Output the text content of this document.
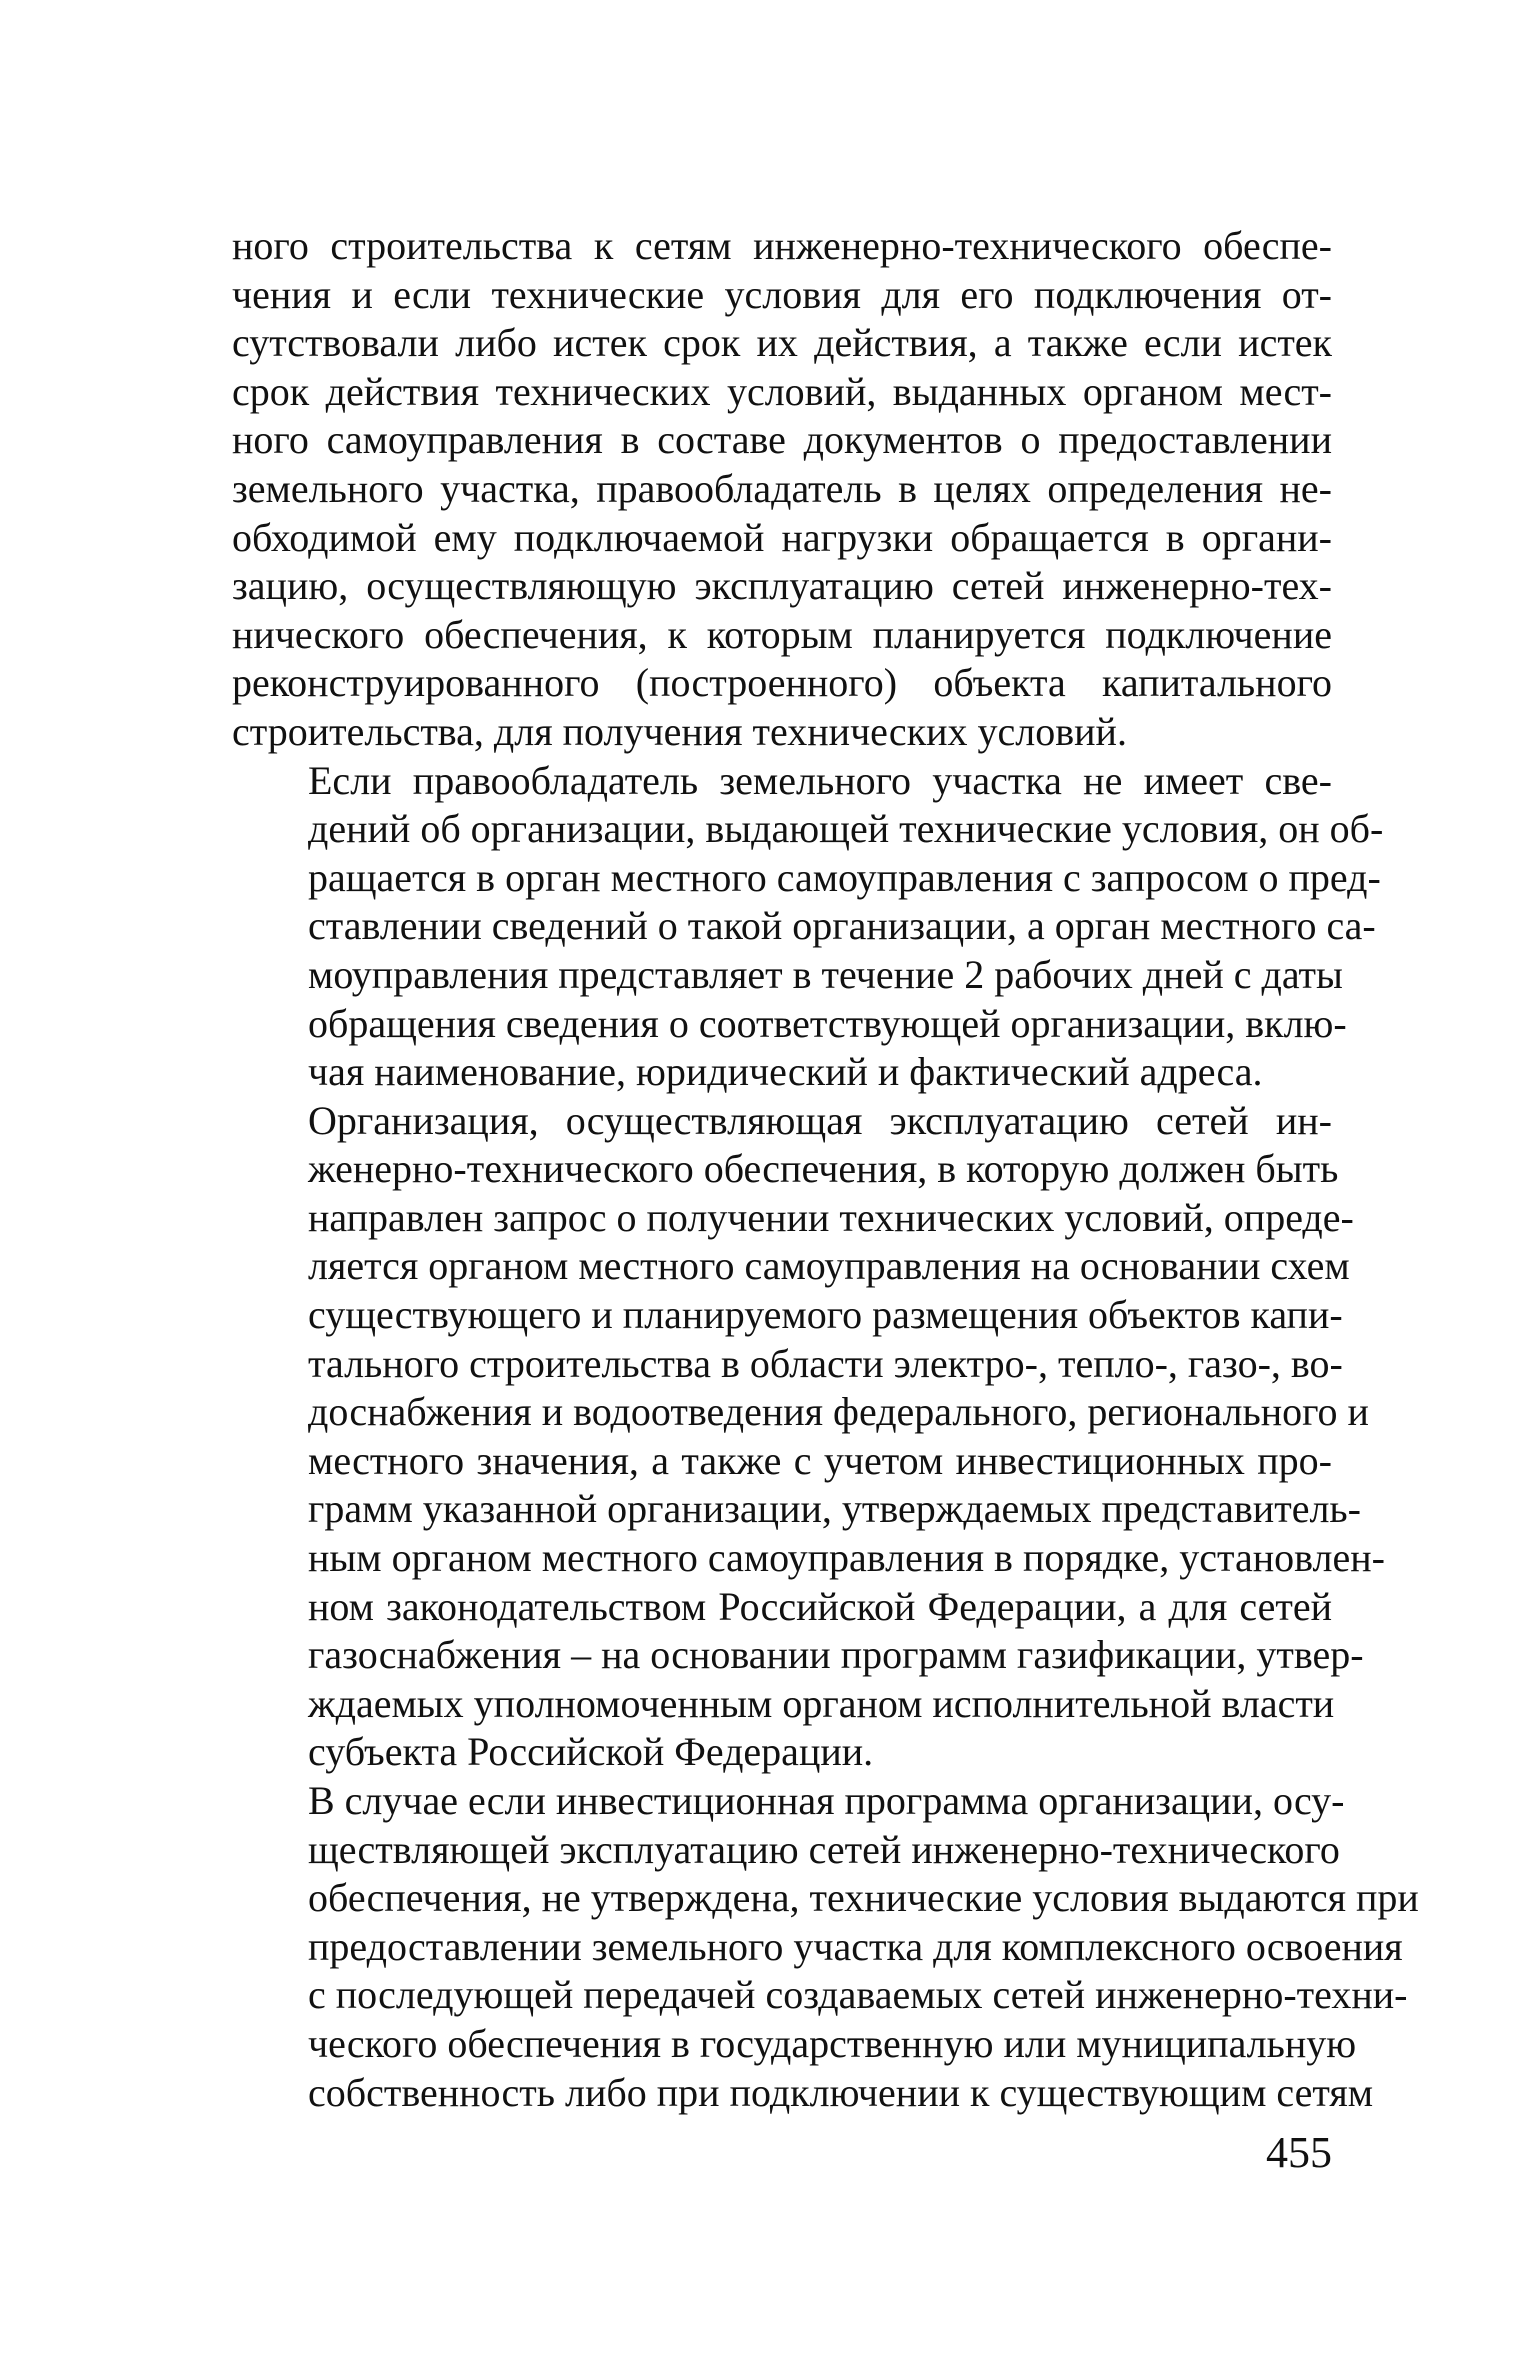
ного строительства к сетям инженерно-технического обеспе-
чения и если технические условия для его подключения от-
сутствовали либо истек срок их действия, а также если истек
срок действия технических условий, выданных органом мест-
ного самоуправления в составе документов о предоставлении
земельного участка, правообладатель в целях определения не-
обходимой ему подключаемой нагрузки обращается в органи-
зацию, осуществляющую эксплуатацию сетей инженерно-тех-
нического обеспечения, к которым планируется подключение
реконструированного (построенного) объекта капитального
строительства, для получения технических условий.

Если правообладатель земельного участка не имеет све-
дений об организации, выдающей технические условия, он об-
ращается в орган местного самоуправления с запросом о пред-
ставлении сведений о такой организации, а орган местного са-
моуправления представляет в течение 2 рабочих дней с даты
обращения сведения о соответствующей организации, вклю-
чая наименование, юридический и фактический адреса.

Организация, осуществляющая эксплуатацию сетей ин-
женерно-технического обеспечения, в которую должен быть
направлен запрос о получении технических условий, опреде-
ляется органом местного самоуправления на основании схем
существующего и планируемого размещения объектов капи-
тального строительства в области электро-, тепло-, газо-, во-
доснабжения и водоотведения федерального, регионального и
местного значения, а также с учетом инвестиционных про-
грамм указанной организации, утверждаемых представитель-
ным органом местного самоуправления в порядке, установлен-
ном законодательством Российской Федерации, а для сетей
газоснабжения – на основании программ газификации, утвер-
ждаемых уполномоченным органом исполнительной власти
субъекта Российской Федерации.

В случае если инвестиционная программа организации, осу-
ществляющей эксплуатацию сетей инженерно-технического
обеспечения, не утверждена, технические условия выдаются при
предоставлении земельного участка для комплексного освоения
с последующей передачей создаваемых сетей инженерно-техни-
ческого обеспечения в государственную или муниципальную
собственность либо при подключении к существующим сетям

455
